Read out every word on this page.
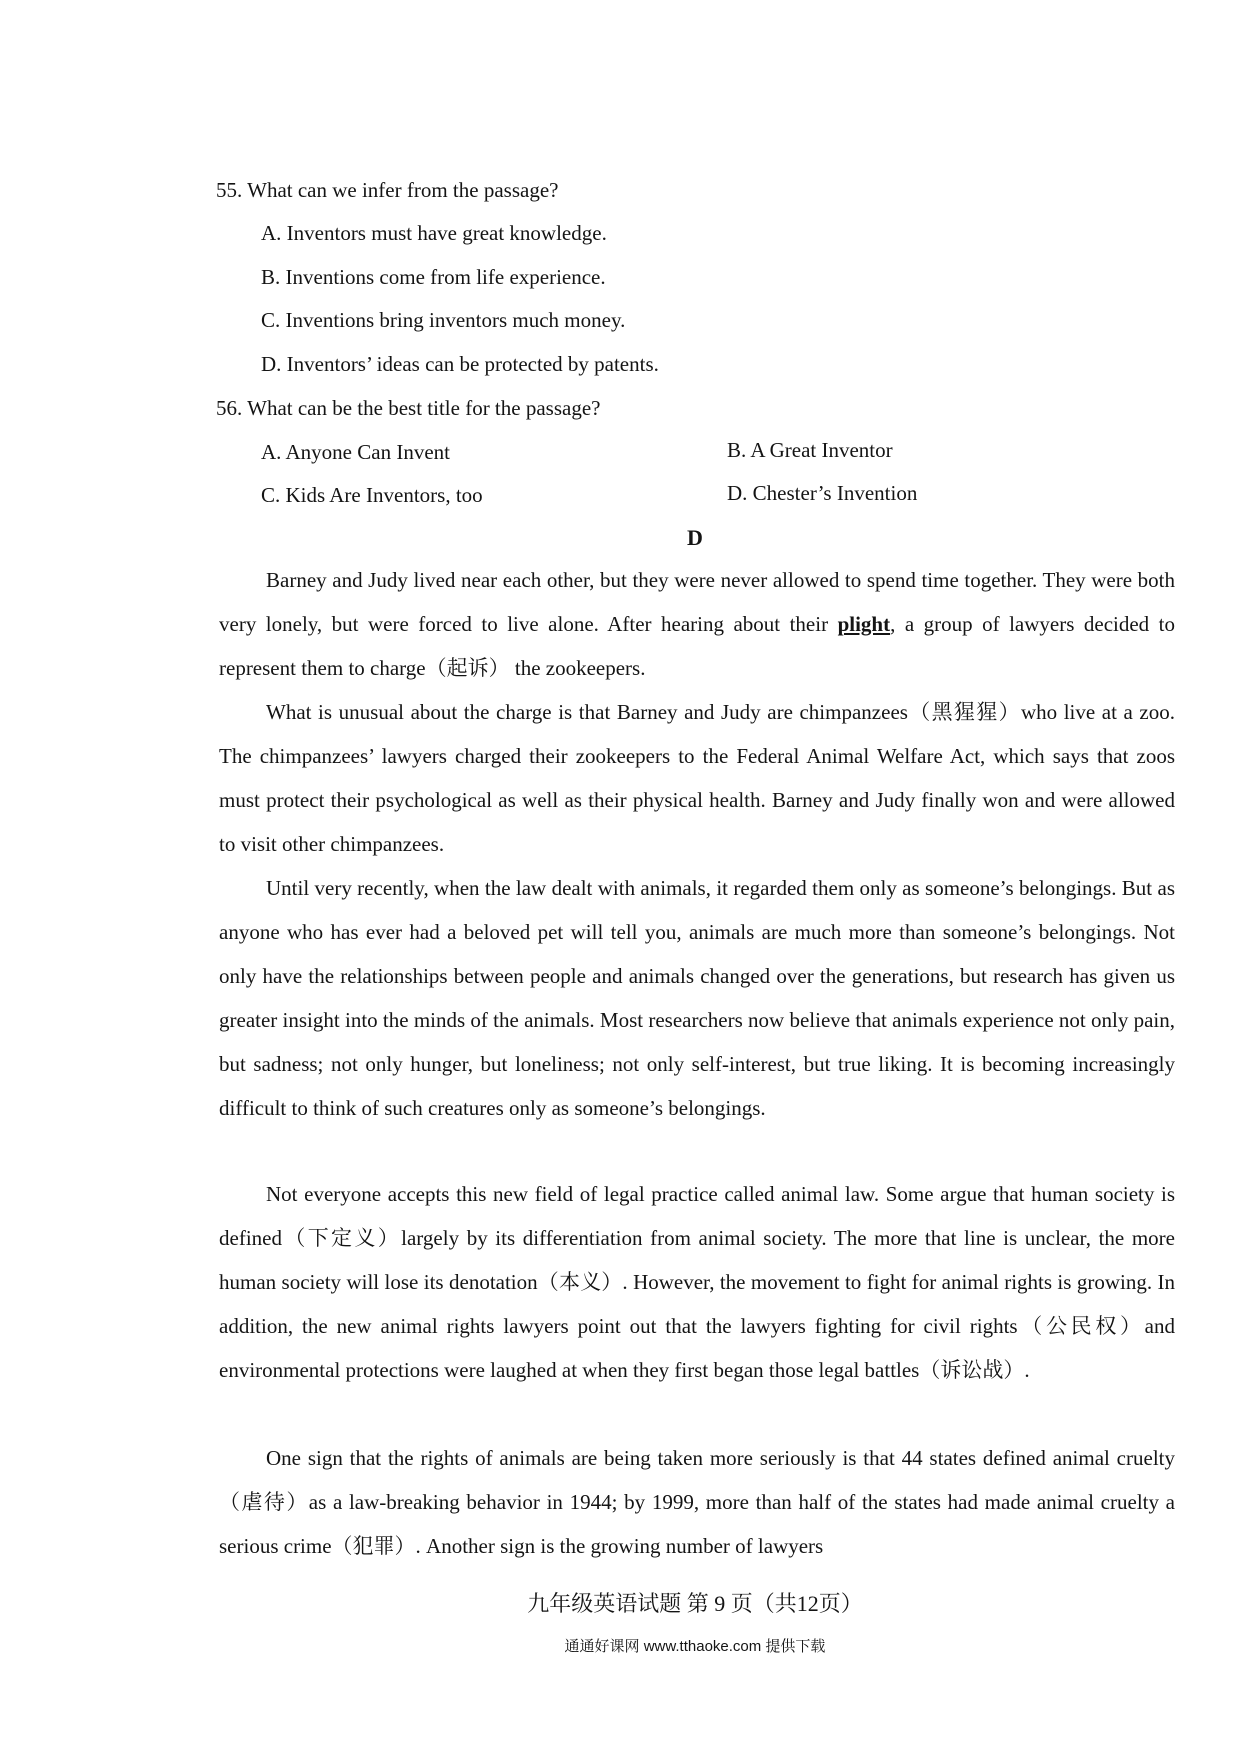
55. What can we infer from the passage?
A. Inventors must have great knowledge.
B. Inventions come from life experience.
C. Inventions bring inventors much money.
D. Inventors’ ideas can be protected by patents.
56. What can be the best title for the passage?
A. Anyone Can Invent	B. A Great Inventor
C. Kids Are Inventors, too	D. Chester’s Invention
D
Barney and Judy lived near each other, but they were never allowed to spend time together. They were both very lonely, but were forced to live alone. After hearing about their plight, a group of lawyers decided to represent them to charge（起诉） the zookeepers.
What is unusual about the charge is that Barney and Judy are chimpanzees（黑猩猩）who live at a zoo. The chimpanzees’ lawyers charged their zookeepers to the Federal Animal Welfare Act, which says that zoos must protect their psychological as well as their physical health. Barney and Judy finally won and were allowed to visit other chimpanzees.
Until very recently, when the law dealt with animals, it regarded them only as someone’s belongings. But as anyone who has ever had a beloved pet will tell you, animals are much more than someone’s belongings. Not only have the relationships between people and animals changed over the generations, but research has given us greater insight into the minds of the animals. Most researchers now believe that animals experience not only pain, but sadness; not only hunger, but loneliness; not only self-interest, but true liking. It is becoming increasingly difficult to think of such creatures only as someone’s belongings.
Not everyone accepts this new field of legal practice called animal law. Some argue that human society is defined（下定义）largely by its differentiation from animal society. The more that line is unclear, the more human society will lose its denotation（本义）. However, the movement to fight for animal rights is growing. In addition, the new animal rights lawyers point out that the lawyers fighting for civil rights（公民权）and environmental protections were laughed at when they first began those legal battles（诉讼战）.
One sign that the rights of animals are being taken more seriously is that 44 states defined animal cruelty（虐待）as a law-breaking behavior in 1944; by 1999, more than half of the states had made animal cruelty a serious crime（犯罪）. Another sign is the growing number of lawyers
九年级英语试题 第 9 页（共12页）
通通好课网 www.tthaoke.com 提供下载
